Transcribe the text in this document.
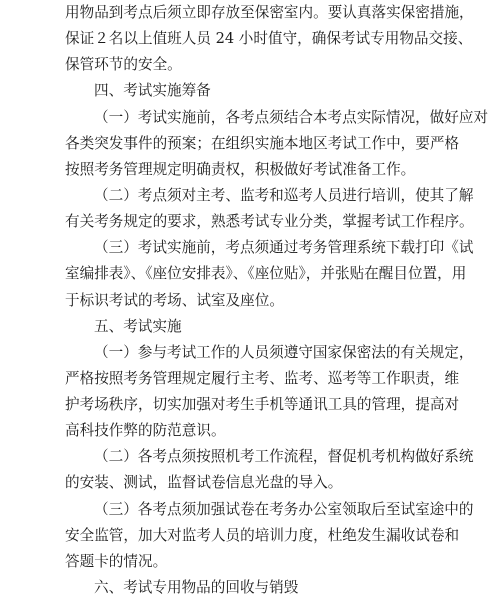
用物品到考点后须立即存放至保密室内。要认真落实保密措施，
保证２名以上值班人员 24 小时值守，确保考试专用物品交接、
保管环节的安全。
四、考试实施筹备
（一）考试实施前，各考点须结合本考点实际情况，做好应对
各类突发事件的预案；在组织实施本地区考试工作中，要严格
按照考务管理规定明确责权，积极做好考试准备工作。
（二）考点须对主考、监考和巡考人员进行培训，使其了解
有关考务规定的要求，熟悉考试专业分类，掌握考试工作程序。
（三）考试实施前，考点须通过考务管理系统下载打印《试
室编排表》、《座位安排表》、《座位贴》，并张贴在醒目位置，用
于标识考试的考场、试室及座位。
五、考试实施
（一）参与考试工作的人员须遵守国家保密法的有关规定，
严格按照考务管理规定履行主考、监考、巡考等工作职责，维
护考场秩序，切实加强对考生手机等通讯工具的管理，提高对
高科技作弊的防范意识。
（二）各考点须按照机考工作流程，督促机考机构做好系统
的安装、测试，监督试卷信息光盘的导入。
（三）各考点须加强试卷在考务办公室领取后至试室途中的
安全监管，加大对监考人员的培训力度，杜绝发生漏收试卷和
答题卡的情况。
六、考试专用物品的回收与销毁
